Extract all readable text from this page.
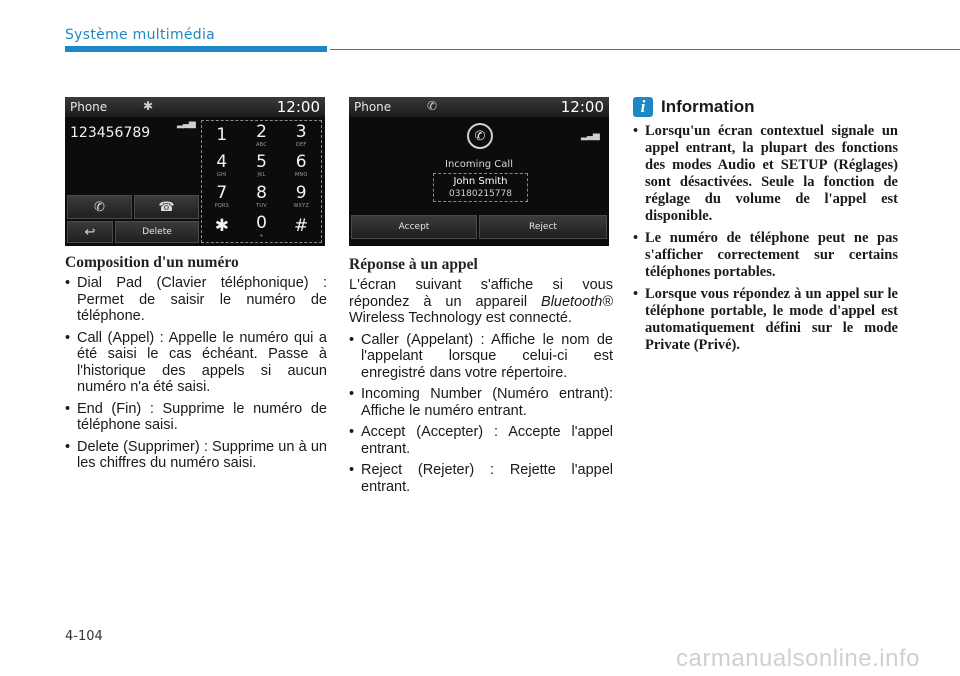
Système multimédia
Phone	✱	12:00
▂▃▅
123456789	1 2
ABC
3
DEF
4
GHI
5
JKL
6
MNO
7
PQRS
8
TUV
9
WXYZ
✱ 0
+ #
✆	☎
↩	Delete
Phone	✆	12:00
▂▃▅
✆
Incoming Call
John Smith
03180215778
Accept	Reject
Composition d'un numéro
• Dial Pad (Clavier téléphonique) : Permet de saisir le numéro de téléphone.
• Call (Appel) : Appelle le numéro qui a été saisi le cas échéant. Passe à l'historique des appels si aucun numéro n'a été saisi.
• End (Fin) : Supprime le numéro de téléphone saisi.
• Delete (Supprimer) : Supprime un à un les chiffres du numéro saisi.
Réponse à un appel

L'écran suivant s'affiche si vous répondez à un appareil Bluetooth® Wireless Technology est connecté.

• Caller (Appelant) : Affiche le nom de l'appelant lorsque celui-ci est enregistré dans votre répertoire.
• Incoming Number (Numéro entrant): Affiche le numéro entrant.
• Accept (Accepter) : Accepte l'appel entrant.
• Reject (Rejeter) : Rejette l'appel entrant.
i Information
• Lorsqu'un écran contextuel signale un appel entrant, la plupart des fonctions des modes Audio et SETUP (Réglages) sont désactivées. Seule la fonction de réglage du volume de l'appel est disponible.
• Le numéro de téléphone peut ne pas s'afficher correctement sur certains téléphones portables.
• Lorsque vous répondez à un appel sur le téléphone portable, le mode d'appel est automatiquement défini sur le mode Private (Privé).
4-104
carmanualsonline.info
